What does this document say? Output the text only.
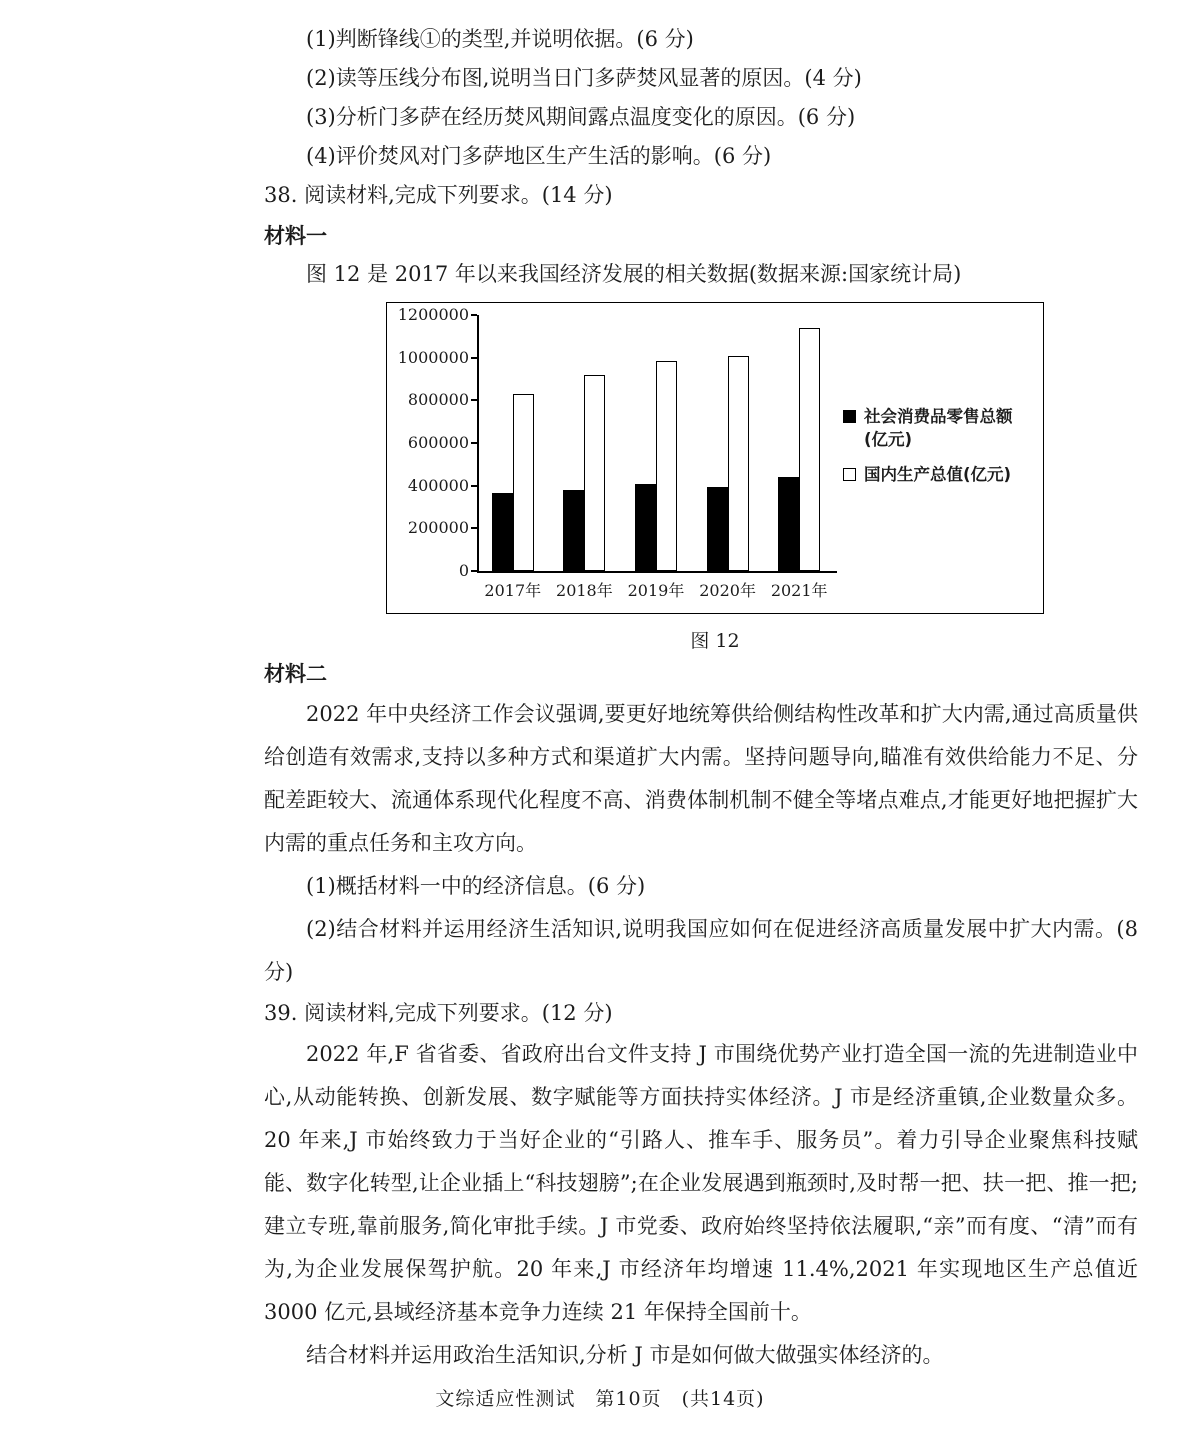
(1)判断锋线①的类型,并说明依据。(6 分)
(2)读等压线分布图,说明当日门多萨焚风显著的原因。(4 分)
(3)分析门多萨在经历焚风期间露点温度变化的原因。(6 分)
(4)评价焚风对门多萨地区生产生活的影响。(6 分)
38. 阅读材料,完成下列要求。(14 分)
材料一
图 12 是 2017 年以来我国经济发展的相关数据(数据来源:国家统计局)
社会消费品零售总额
(亿元)
国内生产总值(亿元)
0
200000
400000
600000
800000
1000000
1200000
2017年 2018年 2019年 2020年 2021年
图 12
材料二
2022 年中央经济工作会议强调,要更好地统筹供给侧结构性改革和扩大内需,通过高质量供给创造有效需求,支持以多种方式和渠道扩大内需。坚持问题导向,瞄准有效供给能力不足、分配差距较大、流通体系现代化程度不高、消费体制机制不健全等堵点难点,才能更好地把握扩大内需的重点任务和主攻方向。
(1)概括材料一中的经济信息。(6 分)
(2)结合材料并运用经济生活知识,说明我国应如何在促进经济高质量发展中扩大内需。(8 分)
39. 阅读材料,完成下列要求。(12 分)
2022 年,F 省省委、省政府出台文件支持 J 市围绕优势产业打造全国一流的先进制造业中心,从动能转换、创新发展、数字赋能等方面扶持实体经济。J 市是经济重镇,企业数量众多。20 年来,J 市始终致力于当好企业的“引路人、推车手、服务员”。着力引导企业聚焦科技赋能、数字化转型,让企业插上“科技翅膀”;在企业发展遇到瓶颈时,及时帮一把、扶一把、推一把;建立专班,靠前服务,简化审批手续。J 市党委、政府始终坚持依法履职,“亲”而有度、“清”而有为,为企业发展保驾护航。20 年来,J 市经济年均增速 11.4%,2021 年实现地区生产总值近 3000 亿元,县域经济基本竞争力连续 21 年保持全国前十。
结合材料并运用政治生活知识,分析 J 市是如何做大做强实体经济的。
文综适应性测试　第10页　(共14页)
